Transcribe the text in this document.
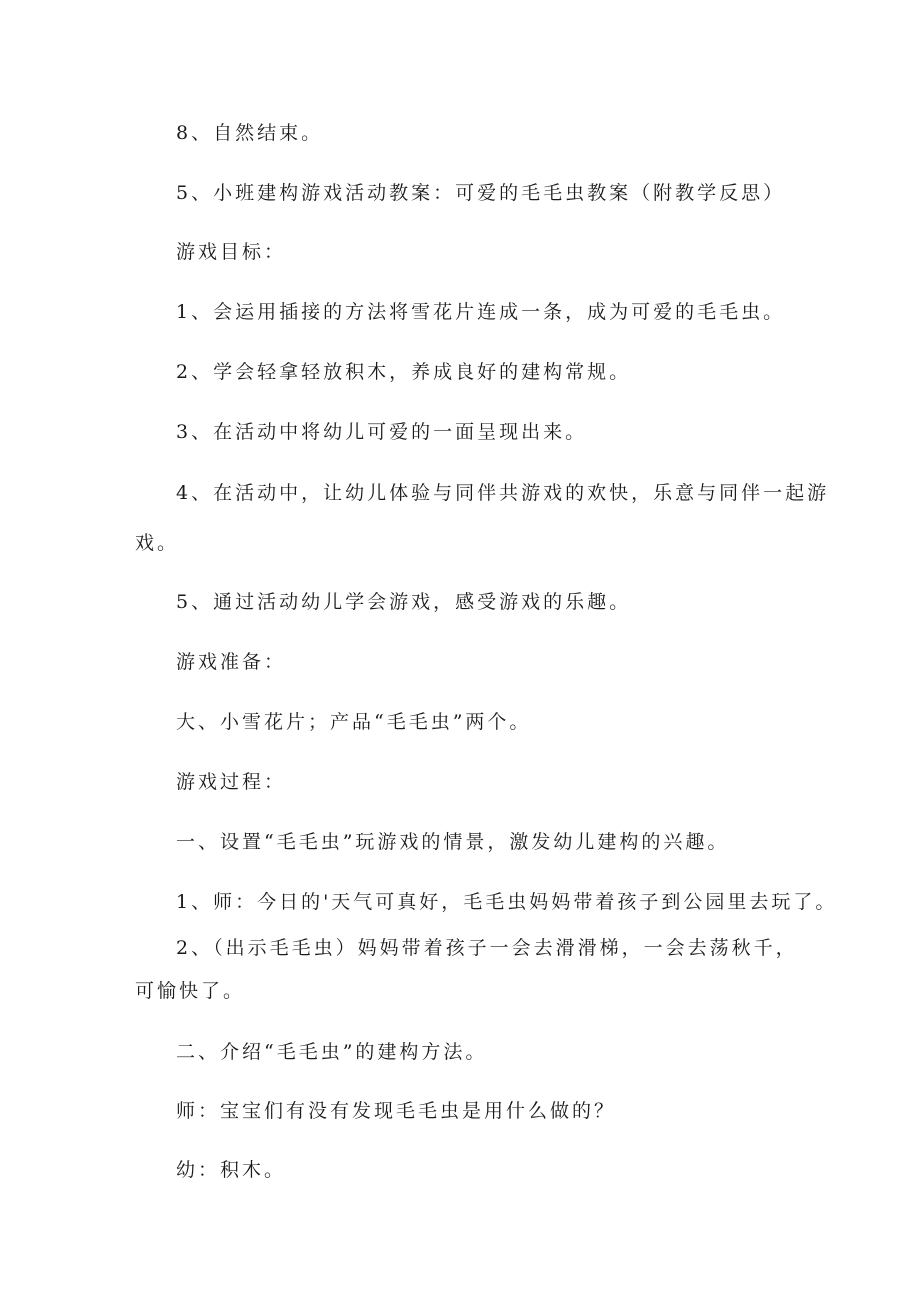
8、自然结束。
5、小班建构游戏活动教案：可爱的毛毛虫教案（附教学反思）
游戏目标：
1、会运用插接的方法将雪花片连成一条，成为可爱的毛毛虫。
2、学会轻拿轻放积木，养成良好的建构常规。
3、在活动中将幼儿可爱的一面呈现出来。
4、在活动中，让幼儿体验与同伴共游戏的欢快，乐意与同伴一起游
戏。
5、通过活动幼儿学会游戏，感受游戏的乐趣。
游戏准备：
大、小雪花片；产品“毛毛虫”两个。
游戏过程：
一、设置“毛毛虫”玩游戏的情景，激发幼儿建构的兴趣。
1、师：今日的'天气可真好，毛毛虫妈妈带着孩子到公园里去玩了。
2、（出示毛毛虫）妈妈带着孩子一会去滑滑梯，一会去荡秋千，
可愉快了。
二、介绍“毛毛虫”的建构方法。
师：宝宝们有没有发现毛毛虫是用什么做的？
幼：积木。
